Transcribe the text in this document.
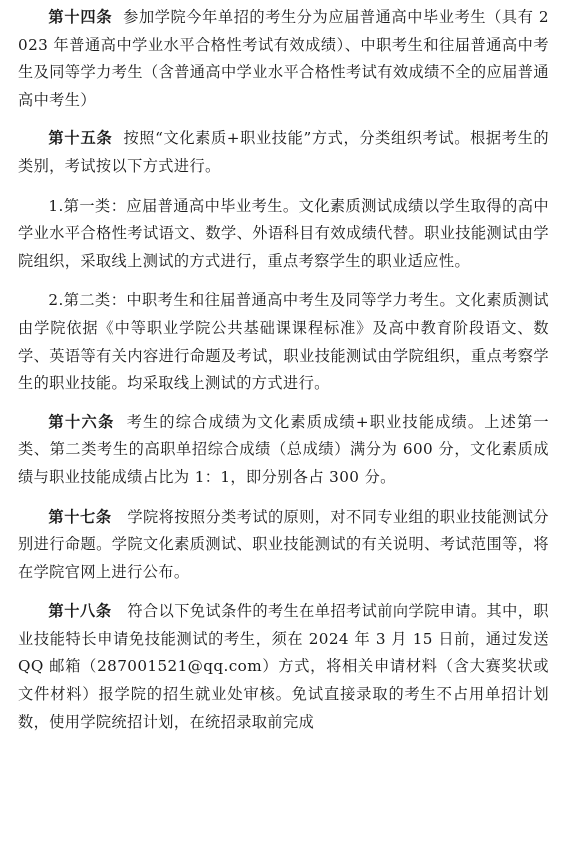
第十四条 参加学院今年单招的考生分为应届普通高中毕业考生（具有 2023 年普通高中学业水平合格性考试有效成绩）、中职考生和往届普通高中考生及同等学力考生（含普通高中学业水平合格性考试有效成绩不全的应届普通高中考生）

第十五条 按照“文化素质+职业技能”方式，分类组织考试。根据考生的类别，考试按以下方式进行。

1.第一类：应届普通高中毕业考生。文化素质测试成绩以学生取得的高中学业水平合格性考试语文、数学、外语科目有效成绩代替。职业技能测试由学院组织，采取线上测试的方式进行，重点考察学生的职业适应性。

2.第二类：中职考生和往届普通高中考生及同等学力考生。文化素质测试由学院依据《中等职业学院公共基础课课程标准》及高中教育阶段语文、数学、英语等有关内容进行命题及考试，职业技能测试由学院组织，重点考察学生的职业技能。均采取线上测试的方式进行。

第十六条 考生的综合成绩为文化素质成绩+职业技能成绩。上述第一类、第二类考生的高职单招综合成绩（总成绩）满分为 600 分，文化素质成绩与职业技能成绩占比为 1：1，即分别各占 300 分。

第十七条 学院将按照分类考试的原则，对不同专业组的职业技能测试分别进行命题。学院文化素质测试、职业技能测试的有关说明、考试范围等，将在学院官网上进行公布。

第十八条 符合以下免试条件的考生在单招考试前向学院申请。其中，职业技能特长申请免技能测试的考生，须在 2024 年 3 月 15 日前，通过发送 QQ 邮箱（287001521@qq.com）方式，将相关申请材料（含大赛奖状或文件材料）报学院的招生就业处审核。免试直接录取的考生不占用单招计划数，使用学院统招计划，在统招录取前完成
